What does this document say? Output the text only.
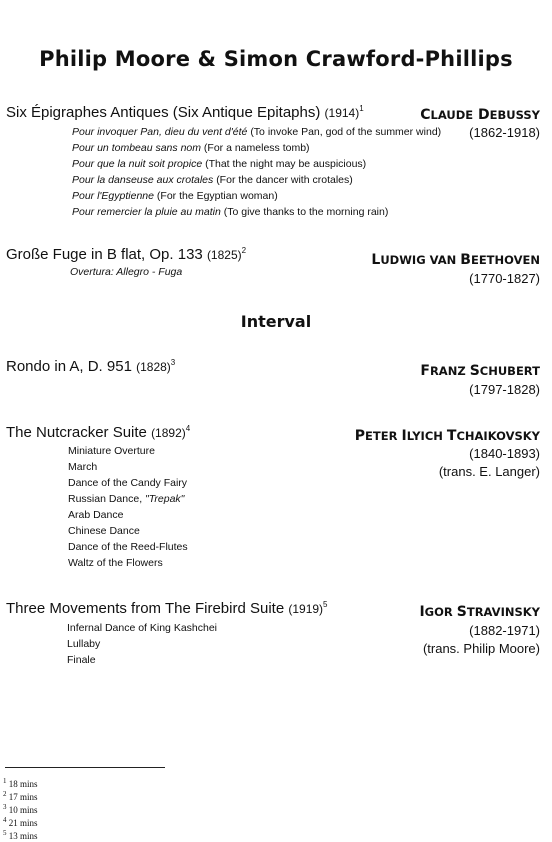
Philip Moore & Simon Crawford-Phillips
Six Épigraphes Antiques (Six Antique Epitaphs) $(1914)^1$	CLAUDE DEBUSSY
Pour invoquer Pan, dieu du vent d'été (To invoke Pan, god of the summer wind)
Pour un tombeau sans nom (For a nameless tomb)
Pour que la nuit soit propice (That the night may be auspicious)
Pour la danseuse aux crotales (For the dancer with crotales)
Pour l'Egyptienne (For the Egyptian woman)
Pour remercier la pluie au matin (To give thanks to the morning rain)
(1862-1918)
Große Fuge in B flat, Op. 133 $(1825)^2$
Overtura: Allegro - Fuga
LUDWIG VAN BEETHOVEN
(1770-1827)
Interval
Rondo in A, D. 951 $(1828)^3$
FRANZ SCHUBERT
(1797-1828)
The Nutcracker Suite $(1892)^4$	PETER ILYICH TCHAIKOVSKY
(1840-1893)
(trans. E. Langer)
Miniature Overture
March
Dance of the Candy Fairy
Russian Dance, "Trepak"
Arab Dance
Chinese Dance
Dance of the Reed-Flutes
Waltz of the Flowers
Three Movements from The Firebird Suite $(1919)^5$	IGOR STRAVINSKY
(1882-1971)
(trans. Philip Moore)
Infernal Dance of King Kashchei
Lullaby
Finale
$^1$ 18 mins
$^2$ 17 mins
$^3$ 10 mins
$^4$ 21 mins
$^5$ 13 mins
